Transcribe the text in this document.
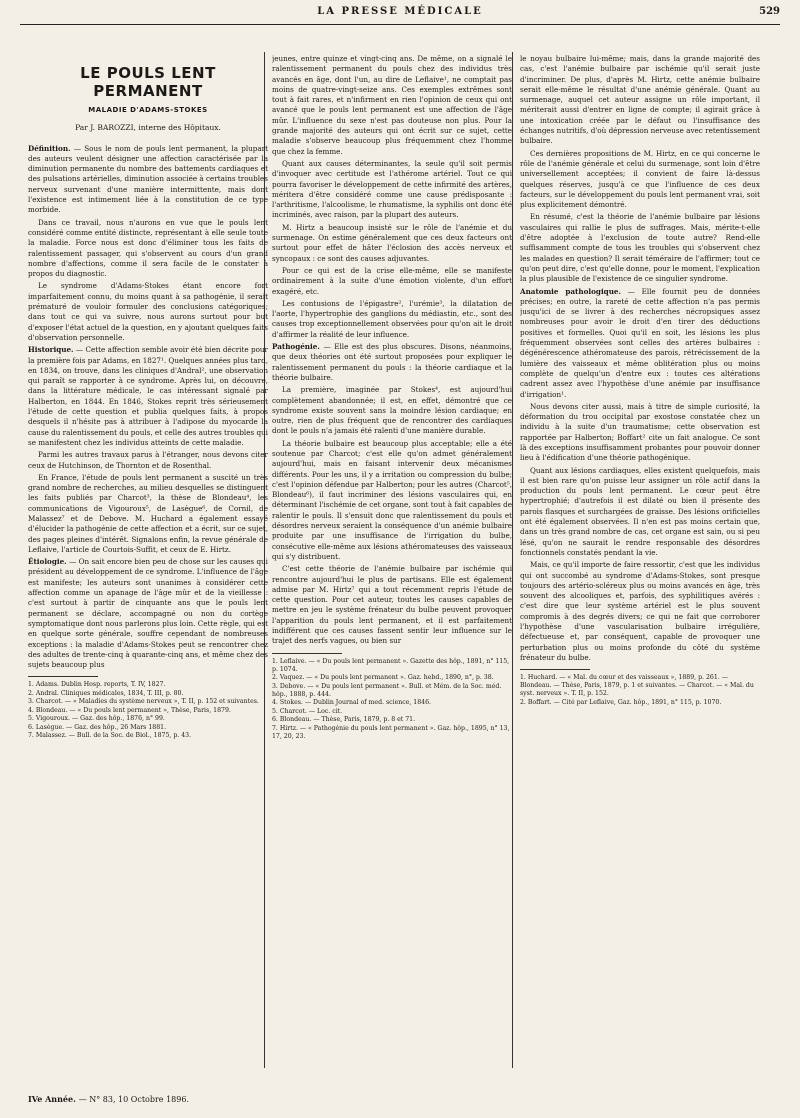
LA PRESSE MÉDICALE	529
LE POULS LENT PERMANENT
MALADIE D'ADAMS-STOKES
Par J. BAROZZI, interne des Hôpitaux.

Définition. — Sous le nom de pouls lent permanent, la plupart des auteurs veulent désigner une affection caractérisée par la diminution permanente du nombre des battements cardiaques et des pulsations artérielles, diminution associée à certains troubles nerveux survenant d'une manière intermittente, mais dont l'existence est intimement liée à la constitution de ce type morbide.

Dans ce travail, nous n'aurons en vue que le pouls lent considéré comme entité distincte, représentant à elle seule toute la maladie. Force nous est donc d'éliminer tous les faits de ralentissement passager, qui s'observent au cours d'un grand nombre d'affections, comme il sera facile de le constater à propos du diagnostic.

Le syndrome d'Adams-Stokes étant encore fort imparfaitement connu, du moins quant à sa pathogénie, il serait prématuré de vouloir formuler des conclusions catégoriques; dans tout ce qui va suivre, nous aurons surtout pour but d'exposer l'état actuel de la question, en y ajoutant quelques faits d'observation personnelle.

Historique. — Cette affection semble avoir été bien décrite pour la première fois par Adams, en 1827¹. Quelques années plus tard, en 1834, on trouve, dans les cliniques d'Andral², une observation qui paraît se rapporter à ce syndrome. Après lui, on découvre, dans la littérature médicale, le cas intéressant signalé par Halberton, en 1844. En 1846, Stokes reprit très sérieusement l'étude de cette question et publia quelques faits, à propos desquels il n'hésite pas à attribuer à l'adipose du myocarde la cause du ralentissement du pouls, et celle des autres troubles qui se manifestent chez les individus atteints de cette maladie.

Parmi les autres travaux parus à l'étranger, nous devons citer ceux de Hutchinson, de Thornton et de Rosenthal.

En France, l'étude de pouls lent permanent a suscité un très grand nombre de recherches, au milieu desquelles se distinguent les faits publiés par Charcot³, la thèse de Blondeau⁴, les communications de Vigouroux⁵, de Lasègue⁶, de Cornil, de Malassez⁷ et de Debove. M. Huchard a également essayé d'élucider la pathogénie de cette affection et a écrit, sur ce sujet, des pages pleines d'intérêt. Signalons enfin, la revue générale de Leflaive, l'article de Courtois-Suffit, et ceux de E. Hirtz.

Étiologie. — On sait encore bien peu de chose sur les causes qui président au développement de ce syndrome. L'influence de l'âge est manifeste; les auteurs sont unanimes à considérer cette affection comme un apanage de l'âge mûr et de la vieillesse : c'est surtout à partir de cinquante ans que le pouls lent permanent se déclare, accompagné ou non du cortège symptomatique dont nous parlerons plus loin. Cette règle, qui est en quelque sorte générale, souffre cependant de nombreuses exceptions : la maladie d'Adams-Stokes peut se rencontrer chez des adultes de trente-cinq à quarante-cinq ans, et même chez des sujets beaucoup plus

1. Adams. Dublin Hosp. reports, T. IV, 1827.
2. Andral. Cliniques médicales, 1834, T. III, p. 80.
3. Charcot. — « Maladies du système nerveux », T. II, p. 152 et suivantes.
4. Blondeau. — « Du pouls lent permanent », Thèse, Paris, 1879.
5. Vigouroux. — Gaz. des hôp., 1876, n° 99.
6. Lasègue. — Gaz. des hôp., 26 Mars 1881.
7. Malassez. — Bull. de la Soc. de Biol., 1875, p. 43.

jeunes, entre quinze et vingt-cinq ans. De même, on a signalé le ralentissement permanent du pouls chez des individus très avancés en âge, dont l'un, au dire de Leflaive¹, ne comptait pas moins de quatre-vingt-seize ans. Ces exemples extrêmes sont tout à fait rares, et n'infirment en rien l'opinion de ceux qui ont avancé que le pouls lent permanent est une affection de l'âge mûr. L'influence du sexe n'est pas douteuse non plus. Pour la grande majorité des auteurs qui ont écrit sur ce sujet, cette maladie s'observe beaucoup plus fréquemment chez l'homme que chez la femme.

Quant aux causes déterminantes, la seule qu'il soit permis d'invoquer avec certitude est l'athérome artériel. Tout ce qui pourra favoriser le développement de cette infirmité des artères, méritera d'être considéré comme une cause prédisposante : l'arthritisme, l'alcoolisme, le rhumatisme, la syphilis ont donc été incriminés, avec raison, par la plupart des auteurs.

M. Hirtz a beaucoup insisté sur le rôle de l'anémie et du surmenage. On estime généralement que ces deux facteurs ont surtout pour effet de hâter l'éclosion des accès nerveux et syncopaux : ce sont des causes adjuvantes.

Pour ce qui est de la crise elle-même, elle se manifeste ordinairement à la suite d'une émotion violente, d'un effort exagéré, etc.

Les contusions de l'épigastre², l'urémie³, la dilatation de l'aorte, l'hypertrophie des ganglions du médiastin, etc., sont des causes trop exceptionnellement observées pour qu'on ait le droit d'affirmer la réalité de leur influence.

Pathogénie. — Elle est des plus obscures. Disons, néanmoins, que deux théories ont été surtout proposées pour expliquer le ralentissement permanent du pouls : la théorie cardiaque et la théorie bulbaire.

La première, imaginée par Stokes⁴, est aujourd'hui complètement abandonnée; il est, en effet, démontré que ce syndrome existe souvent sans la moindre lésion cardiaque; en outre, rien de plus fréquent que de rencontrer des cardiaques dont le pouls n'a jamais été ralenti d'une manière durable.

La théorie bulbaire est beaucoup plus acceptable; elle a été soutenue par Charcot; c'est elle qu'on admet généralement aujourd'hui, mais en faisant intervenir deux mécanismes différents. Pour les uns, il y a irritation ou compression du bulbe; c'est l'opinion défendue par Halberton; pour les autres (Charcot⁵, Blondeau⁶), il faut incriminer des lésions vasculaires qui, en déterminant l'ischémie de cet organe, sont tout à fait capables de ralentir le pouls. Il s'ensuit donc que ralentissement du pouls et désordres nerveux seraient la conséquence d'un anémie bulbaire produite par une insuffisance de l'irrigation du bulbe, consécutive elle-même aux lésions athéromateuses des vaisseaux qui s'y distribuent.

C'est cette théorie de l'anémie bulbaire par ischémie qui rencontre aujourd'hui le plus de partisans. Elle est également admise par M. Hirtz⁷ qui a tout récemment repris l'étude de cette question. Pour cet auteur, toutes les causes capables de mettre en jeu le système frénateur du bulbe peuvent provoquer l'apparition du pouls lent permanent, et il est parfaitement indifférent que ces causes fassent sentir leur influence sur le trajet des nerfs vagues, ou bien sur

1. Leflaive. — « Du pouls lent permanent ». Gazette des hôp., 1891, n° 115, p. 1074.
2. Vaquez. — « Du pouls lent permanent ». Gaz. hebd., 1890, n°, p. 38.
3. Debove. — « Du pouls lent permanent ». Bull. et Mém. de la Soc. méd. hôp., 1888, p. 444.
4. Stokes. — Dublin Journal of med. science, 1846.
5. Charcot. — Loc. cit.
6. Blondeau. — Thèse, Paris, 1879, p. 8 et 71.
7. Hirtz. — « Pathogénie du pouls lent permanent ». Gaz. hôp., 1895, n° 13, 17, 20, 23.

le noyau bulbaire lui-même; mais, dans la grande majorité des cas, c'est l'anémie bulbaire par ischémie qu'il serait juste d'incriminer. De plus, d'après M. Hirtz, cette anémie bulbaire serait elle-même le résultat d'une anémie générale. Quant au surmenage, auquel cet auteur assigne un rôle important, il mériterait aussi d'entrer en ligne de compte; il agirait grâce à une intoxication créée par le défaut ou l'insuffisance des échanges nutritifs, d'où dépression nerveuse avec retentissement bulbaire.

Ces dernières propositions de M. Hirtz, en ce qui concerne le rôle de l'anémie générale et celui du surmenage, sont loin d'être universellement acceptées; il convient de faire là-dessus quelques réserves, jusqu'à ce que l'influence de ces deux facteurs, sur le développement du pouls lent permanent vrai, soit plus explicitement démontré.

En résumé, c'est la théorie de l'anémie bulbaire par lésions vasculaires qui rallie le plus de suffrages. Mais, mérite-t-elle d'être adoptée à l'exclusion de toute autre? Rend-elle suffisamment compte de tous les troubles qui s'observent chez les malades en question? Il serait téméraire de l'affirmer; tout ce qu'on peut dire, c'est qu'elle donne, pour le moment, l'explication la plus plausible de l'existence de ce singulier syndrome.

Anatomie pathologique. — Elle fournit peu de données précises; en outre, la rareté de cette affection n'a pas permis jusqu'ici de se livrer à des recherches nécropsiques assez nombreuses pour avoir le droit d'en tirer des déductions positives et formelles. Quoi qu'il en soit, les lésions les plus fréquemment observées sont celles des artères bulbaires : dégénérescence athéromateuse des parois, rétrécissement de la lumière des vaisseaux et même oblitération plus ou moins complète de quelqu'un d'entre eux : toutes ces altérations cadrent assez avec l'hypothèse d'une anémie par insuffisance d'irrigation¹.

Nous devons citer aussi, mais à titre de simple curiosité, la déformation du trou occipital par exostose constatée chez un individu à la suite d'un traumatisme; cette observation est rapportée par Halberton; Boffart² cite un fait analogue. Ce sont là des exceptions insuffisamment probantes pour pouvoir donner lieu à l'édification d'une théorie pathogénique.

Quant aux lésions cardiaques, elles existent quelquefois, mais il est bien rare qu'on puisse leur assigner un rôle actif dans la production du pouls lent permanent. Le cœur peut être hypertrophié; d'autrefois il est dilaté ou bien il présente des parois flasques et surchargées de graisse. Des lésions orificielles ont été également observées. Il n'en est pas moins certain que, dans un très grand nombre de cas, cet organe est sain, ou si peu lésé, qu'on ne saurait le rendre responsable des désordres fonctionnels constatés pendant la vie.

Mais, ce qu'il importe de faire ressortir, c'est que les individus qui ont succombé au syndrome d'Adams-Stokes, sont presque toujours des artério-scléreux plus ou moins avancés en âge, très souvent des alcooliques et, parfois, des syphilitiques avérés : c'est dire que leur système artériel est le plus souvent compromis à des degrés divers; ce qui ne fait que corroborer l'hypothèse d'une vascularisation bulbaire irrégulière, défectueuse et, par conséquent, capable de provoquer une perturbation plus ou moins profonde du côté du système frénateur du bulbe.

1. Huchard. — « Mal. du cœur et des vaisseaux », 1889, p. 261. — Blondeau. — Thèse, Paris, 1879, p. 1 et suivantes. — Charcot. — « Mal. du syst. nerveux ». T. II, p. 152.
2. Boffart. — Cité par Leflaive, Gaz. hôp., 1891, n° 115, p. 1070.
IVe Année. — N° 83, 10 Octobre 1896.
